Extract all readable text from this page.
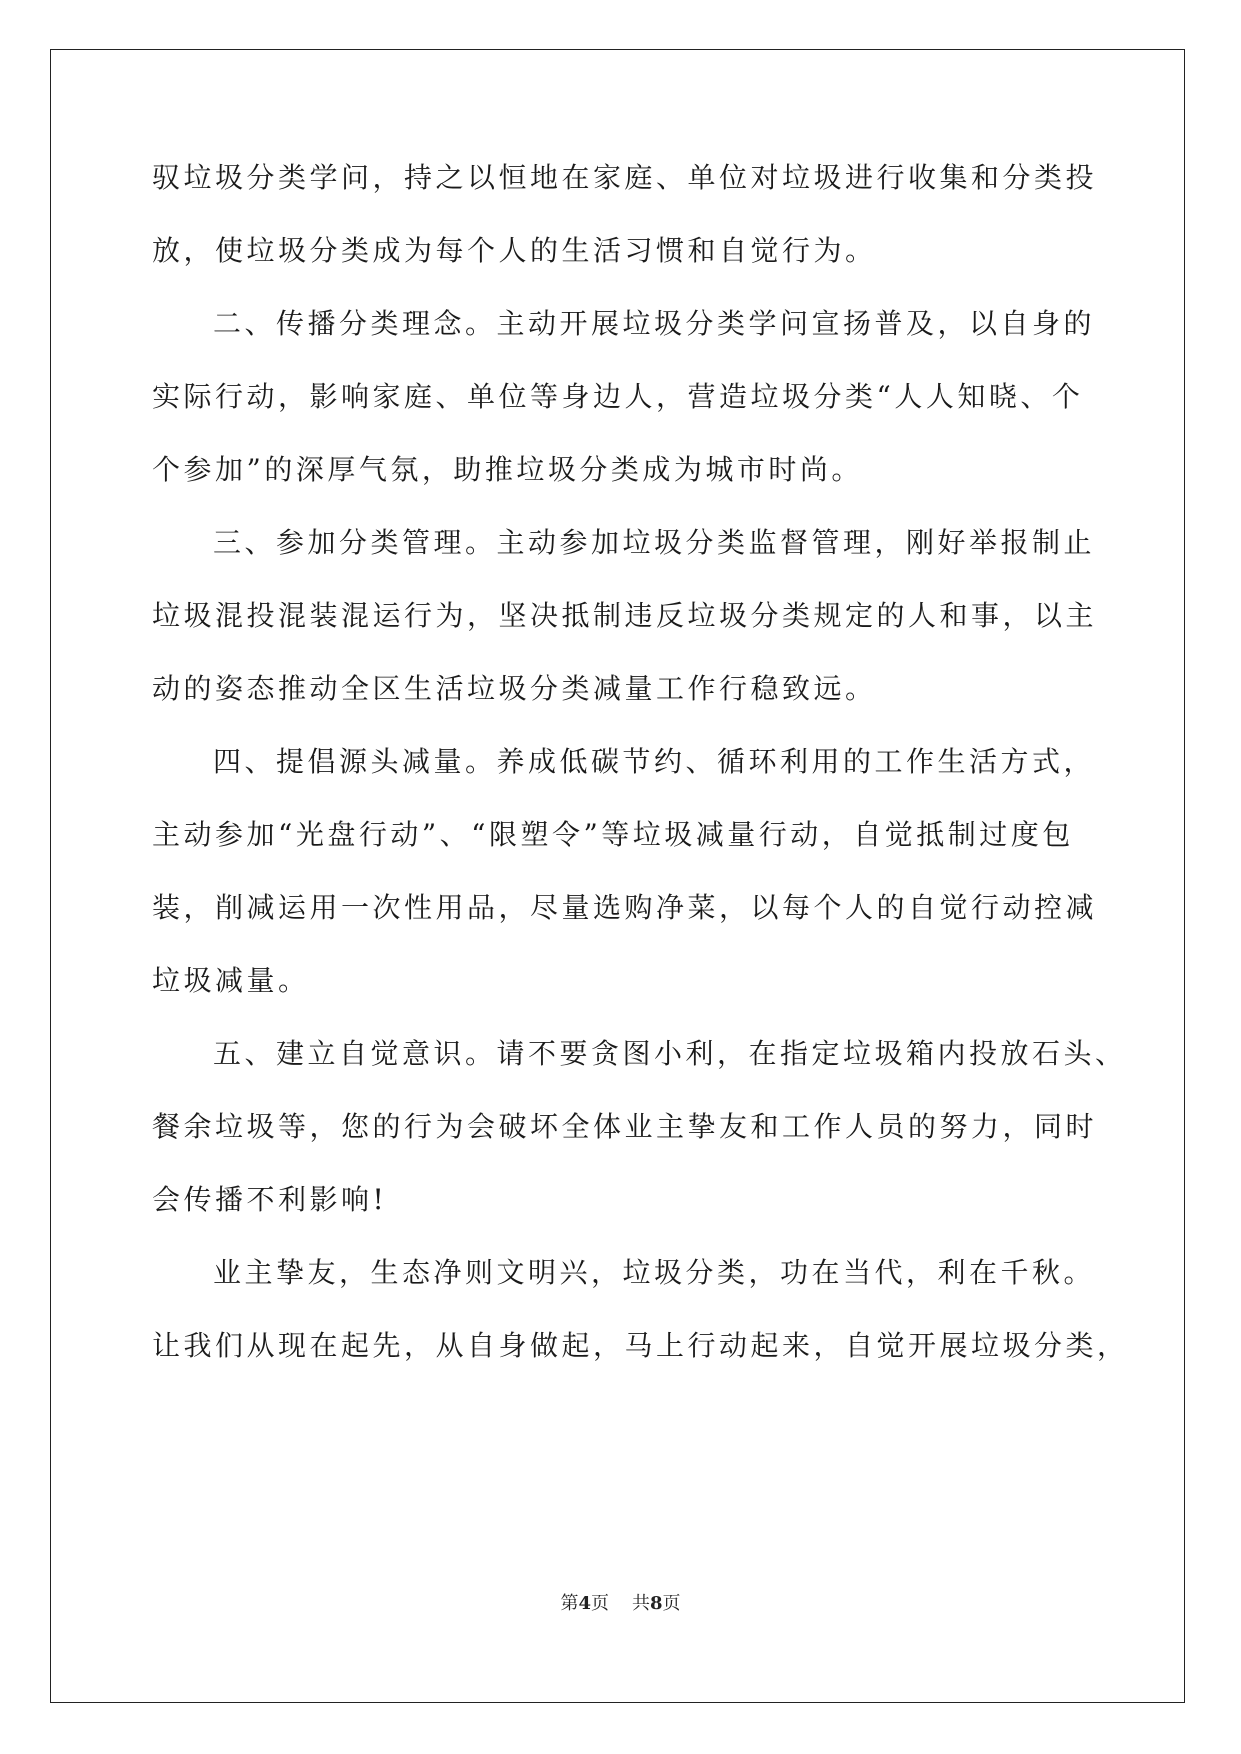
驭垃圾分类学问，持之以恒地在家庭、单位对垃圾进行收集和分类投
放，使垃圾分类成为每个人的生活习惯和自觉行为。
二、传播分类理念。主动开展垃圾分类学问宣扬普及，以自身的
实际行动，影响家庭、单位等身边人，营造垃圾分类“人人知晓、个
个参加”的深厚气氛，助推垃圾分类成为城市时尚。
三、参加分类管理。主动参加垃圾分类监督管理，刚好举报制止
垃圾混投混装混运行为，坚决抵制违反垃圾分类规定的人和事，以主
动的姿态推动全区生活垃圾分类减量工作行稳致远。
四、提倡源头减量。养成低碳节约、循环利用的工作生活方式，
主动参加“光盘行动”、“限塑令”等垃圾减量行动，自觉抵制过度包
装，削减运用一次性用品，尽量选购净菜，以每个人的自觉行动控减
垃圾减量。
五、建立自觉意识。请不要贪图小利，在指定垃圾箱内投放石头、
餐余垃圾等，您的行为会破坏全体业主挚友和工作人员的努力，同时
会传播不利影响!
业主挚友，生态净则文明兴，垃圾分类，功在当代，利在千秋。
让我们从现在起先，从自身做起，马上行动起来，自觉开展垃圾分类，
第4页 共8页
